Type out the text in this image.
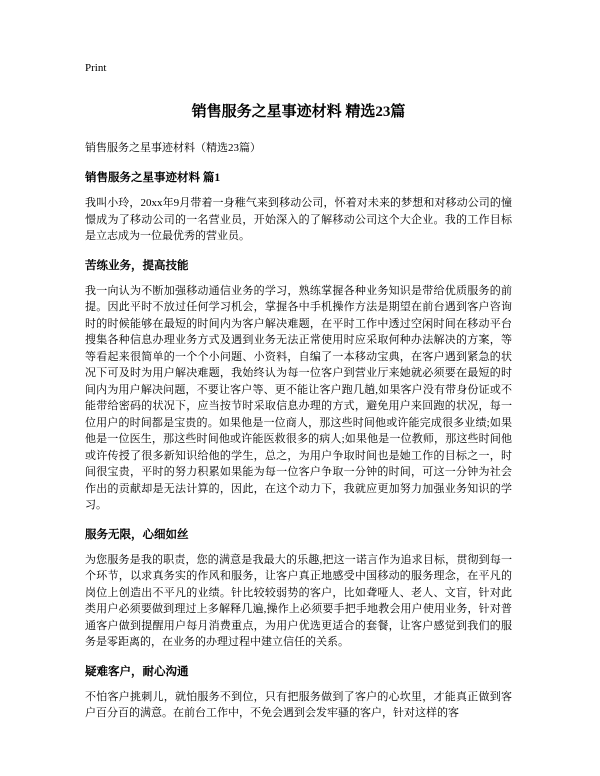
Print
销售服务之星事迹材料 精选23篇
销售服务之星事迹材料（精选23篇）
销售服务之星事迹材料 篇1

我叫小玲，20xx年9月带着一身稚气来到移动公司，怀着对未来的梦想和对移动公司的憧憬成为了移动公司的一名营业员，开始深入的了解移动公司这个大企业。我的工作目标是立志成为一位最优秀的营业员。

苦练业务，提高技能

我一向认为不断加强移动通信业务的学习，熟练掌握各种业务知识是带给优质服务的前提。因此平时不放过任何学习机会，掌握各中手机操作方法是期望在前台遇到客户咨询时的时候能够在最短的时间内为客户解决难题，在平时工作中透过空闲时间在移动平台搜集各种信息办理业务方式及遇到业务无法正常使用时应采取何种办法解决的方案，等等看起来很简单的一个个小问题、小资料，自编了一本移动宝典，在客户遇到紧急的状况下可及时为用户解决难题，我始终认为每一位客户到营业厅来她就必须要在最短的时间内为用户解决问题，不要让客户等、更不能让客户跑几趟,如果客户没有带身份证或不能带给密码的状况下，应当按节时采取信息办理的方式，避免用户来回跑的状况，每一位用户的时间都是宝贵的。如果他是一位商人，那这些时间他或许能完成很多业绩;如果他是一位医生，那这些时间他或许能医救很多的病人;如果他是一位教师，那这些时间他或许传授了很多新知识给他的学生，总之，为用户争取时间也是她工作的目标之一，时间很宝贵，平时的努力积累如果能为每一位客户争取一分钟的时间，可这一分钟为社会作出的贡献却是无法计算的，因此，在这个动力下，我就应更加努力加强业务知识的学习。

服务无限，心细如丝

为您服务是我的职责，您的满意是我最大的乐趣,把这一诺言作为追求目标，贯彻到每一个环节，以求真务实的作风和服务，让客户真正地感受中国移动的服务理念，在平凡的岗位上创造出不平凡的业绩。针比较较弱势的客户，比如聋哑人、老人、文盲，针对此类用户必须要做到理过上多解释几遍,操作上必须要手把手地教会用户使用业务，针对普通客户做到提醒用户每月消费重点，为用户优选更适合的套餐，让客户感觉到我们的服务是零距离的，在业务的办理过程中建立信任的关系。

疑难客户，耐心沟通

不怕客户挑刺儿，就怕服务不到位，只有把服务做到了客户的心坎里，才能真正做到客户百分百的满意。在前台工作中，不免会遇到会发牢骚的客户，针对这样的客
